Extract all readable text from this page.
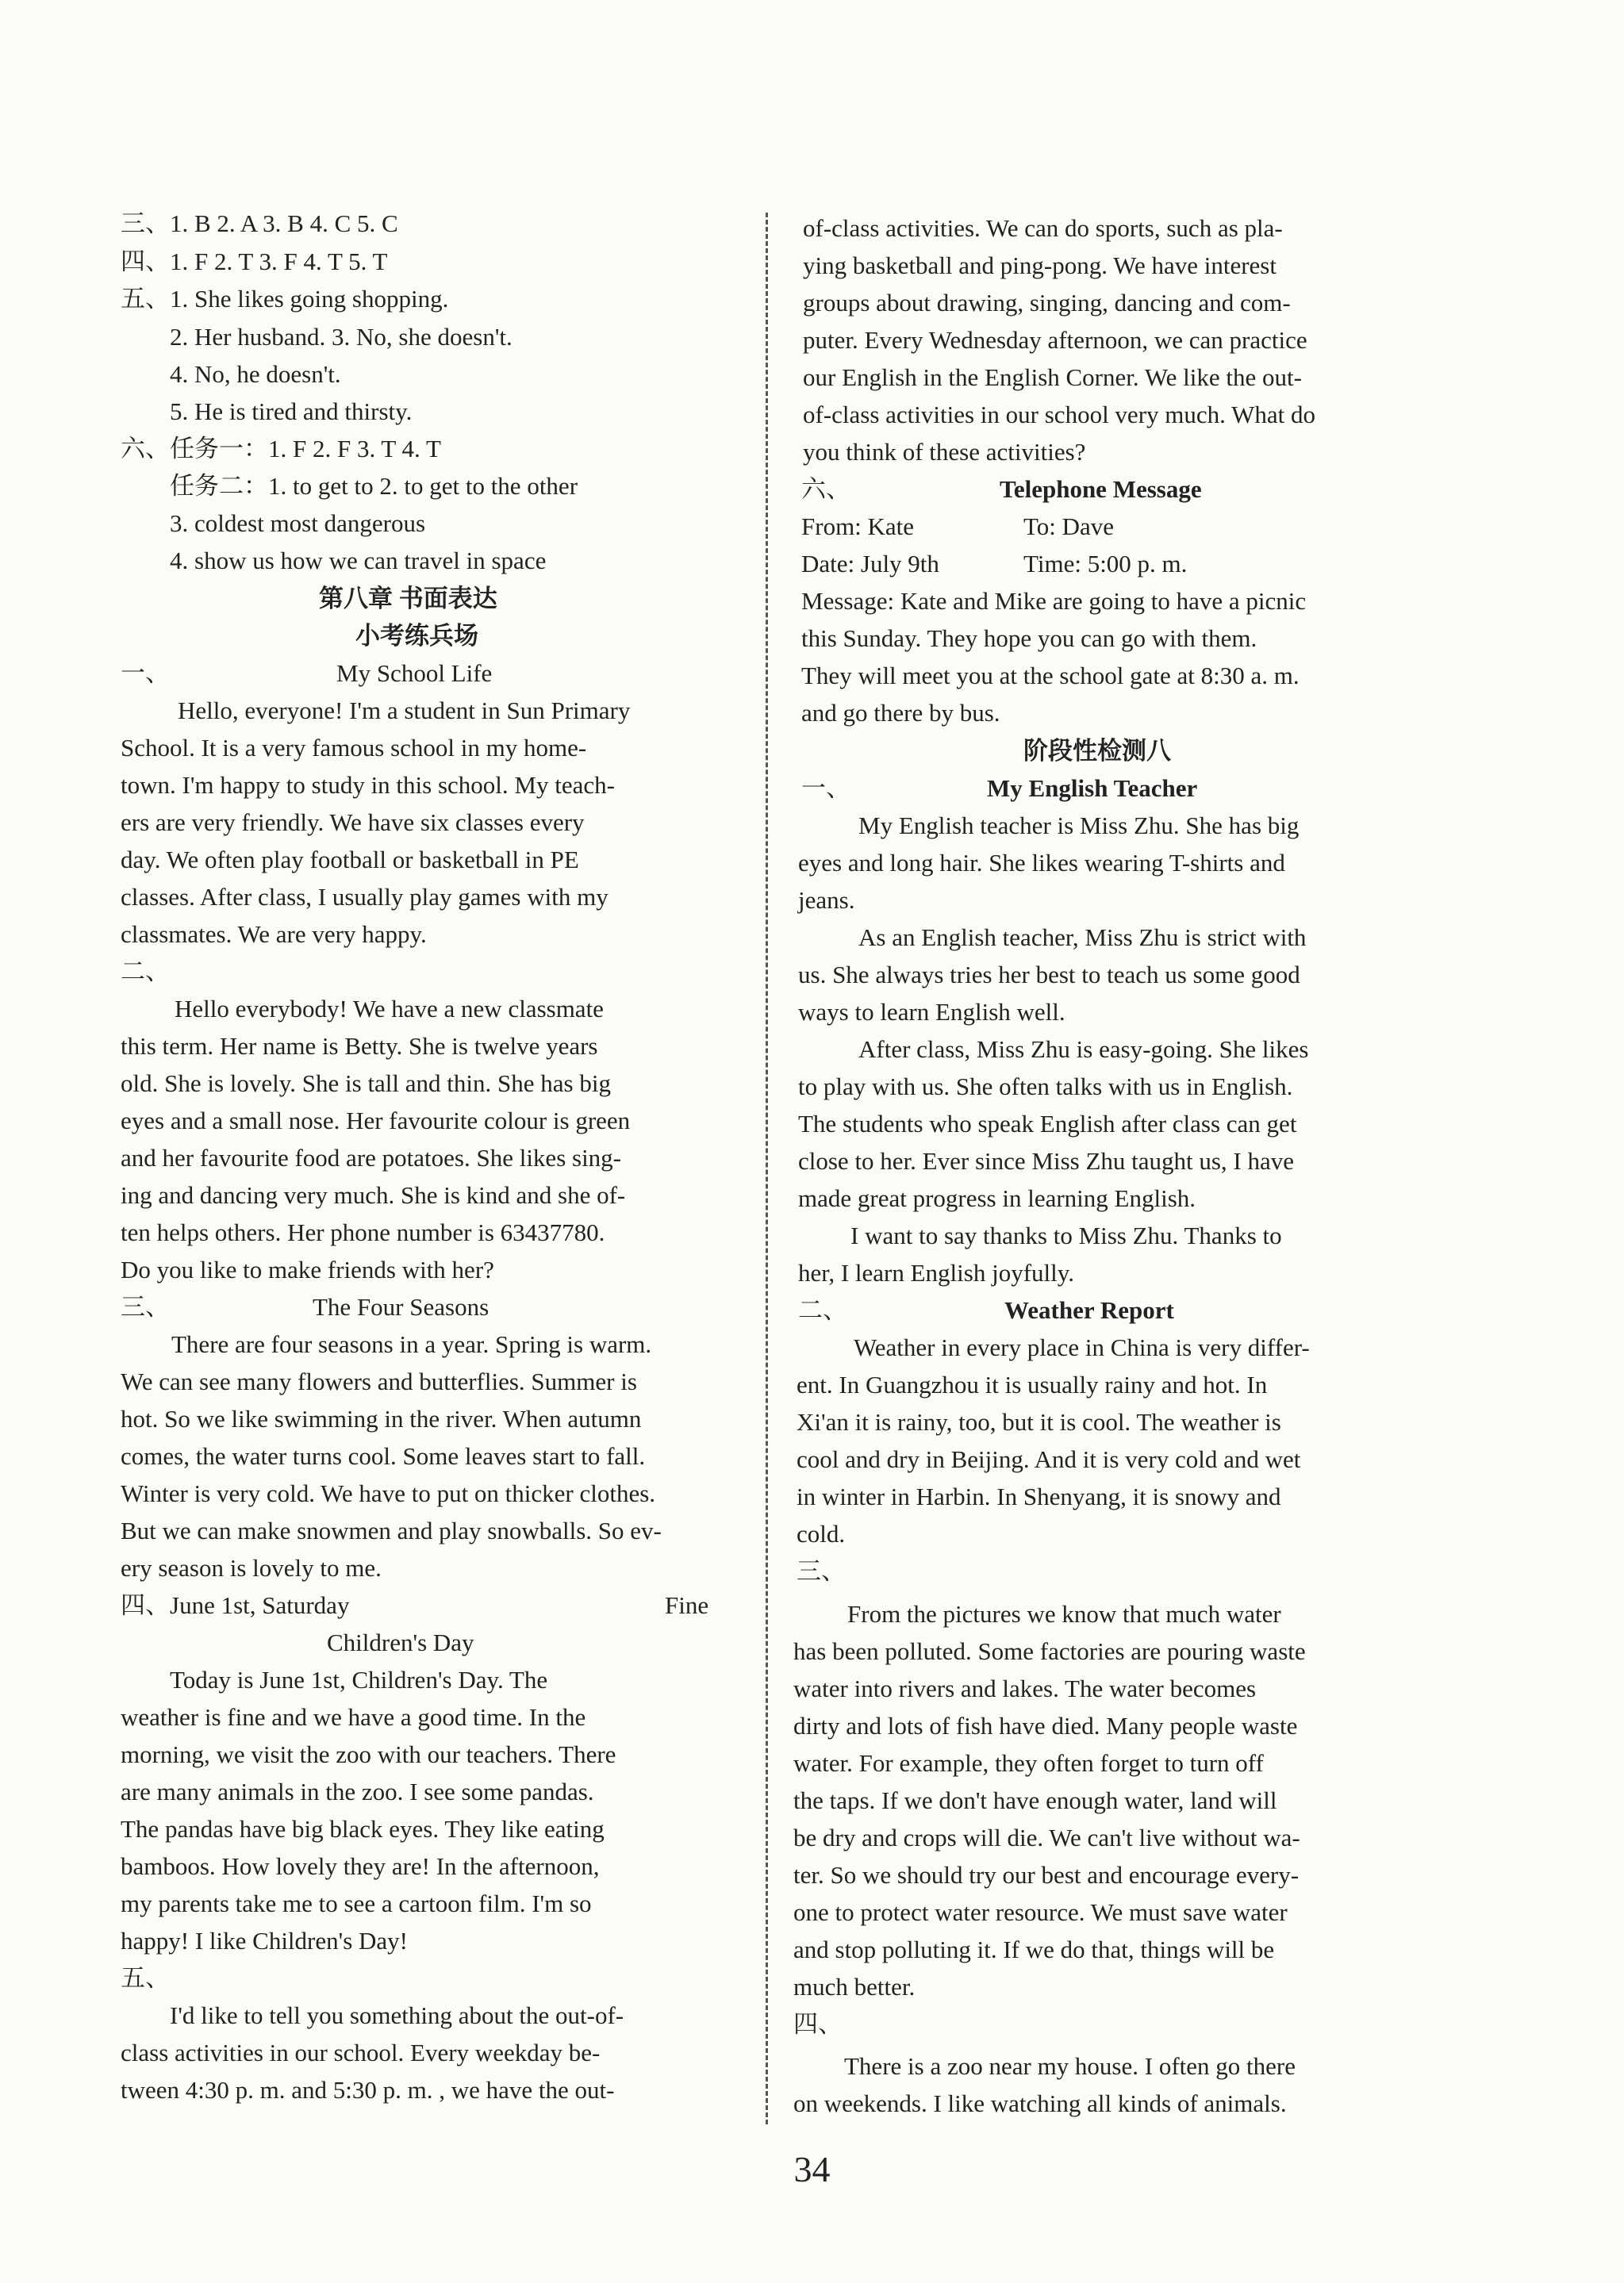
三、1. B 2. A 3. B 4. C 5. C
四、1. F 2. T 3. F 4. T 5. T
五、1. She likes going shopping.
2. Her husband. 3. No, she doesn't.
4. No, he doesn't.
5. He is tired and thirsty.
六、任务一：1. F 2. F 3. T 4. T
任务二：1. to get to 2. to get to the other
3. coldest most dangerous
4. show us how we can travel in space
第八章 书面表达
小考练兵场
一、	My School Life
Hello, everyone! I'm a student in Sun Primary
School. It is a very famous school in my home-
town. I'm happy to study in this school. My teach-
ers are very friendly. We have six classes every
day. We often play football or basketball in PE
classes. After class, I usually play games with my
classmates. We are very happy.
二、
Hello everybody! We have a new classmate
this term. Her name is Betty. She is twelve years
old. She is lovely. She is tall and thin. She has big
eyes and a small nose. Her favourite colour is green
and her favourite food are potatoes. She likes sing-
ing and dancing very much. She is kind and she of-
ten helps others. Her phone number is 63437780.
Do you like to make friends with her?
三、	The Four Seasons
There are four seasons in a year. Spring is warm.
We can see many flowers and butterflies. Summer is
hot. So we like swimming in the river. When autumn
comes, the water turns cool. Some leaves start to fall.
Winter is very cold. We have to put on thicker clothes.
But we can make snowmen and play snowballs. So ev-
ery season is lovely to me.
四、June 1st, Saturday	Fine
Children's Day
Today is June 1st, Children's Day. The
weather is fine and we have a good time. In the
morning, we visit the zoo with our teachers. There
are many animals in the zoo. I see some pandas.
The pandas have big black eyes. They like eating
bamboos. How lovely they are! In the afternoon,
my parents take me to see a cartoon film. I'm so
happy! I like Children's Day!
五、
I'd like to tell you something about the out-of-
class activities in our school. Every weekday be-
tween 4:30 p. m. and 5:30 p. m. , we have the out-
of-class activities. We can do sports, such as pla-
ying basketball and ping-pong. We have interest
groups about drawing, singing, dancing and com-
puter. Every Wednesday afternoon, we can practice
our English in the English Corner. We like the out-
of-class activities in our school very much. What do
you think of these activities?
六、	Telephone Message
From: Kate	To: Dave
Date: July 9th	Time: 5:00 p. m.
Message: Kate and Mike are going to have a picnic
this Sunday. They hope you can go with them.
They will meet you at the school gate at 8:30 a. m.
and go there by bus.
阶段性检测八
一、	My English Teacher
My English teacher is Miss Zhu. She has big
eyes and long hair. She likes wearing T-shirts and
jeans.
As an English teacher, Miss Zhu is strict with
us. She always tries her best to teach us some good
ways to learn English well.
After class, Miss Zhu is easy-going. She likes
to play with us. She often talks with us in English.
The students who speak English after class can get
close to her. Ever since Miss Zhu taught us, I have
made great progress in learning English.
I want to say thanks to Miss Zhu. Thanks to
her, I learn English joyfully.
二、	Weather Report
Weather in every place in China is very differ-
ent. In Guangzhou it is usually rainy and hot. In
Xi'an it is rainy, too, but it is cool. The weather is
cool and dry in Beijing. And it is very cold and wet
in winter in Harbin. In Shenyang, it is snowy and
cold.
三、
From the pictures we know that much water
has been polluted. Some factories are pouring waste
water into rivers and lakes. The water becomes
dirty and lots of fish have died. Many people waste
water. For example, they often forget to turn off
the taps. If we don't have enough water, land will
be dry and crops will die. We can't live without wa-
ter. So we should try our best and encourage every-
one to protect water resource. We must save water
and stop polluting it. If we do that, things will be
much better.
四、
There is a zoo near my house. I often go there
on weekends. I like watching all kinds of animals.
34
